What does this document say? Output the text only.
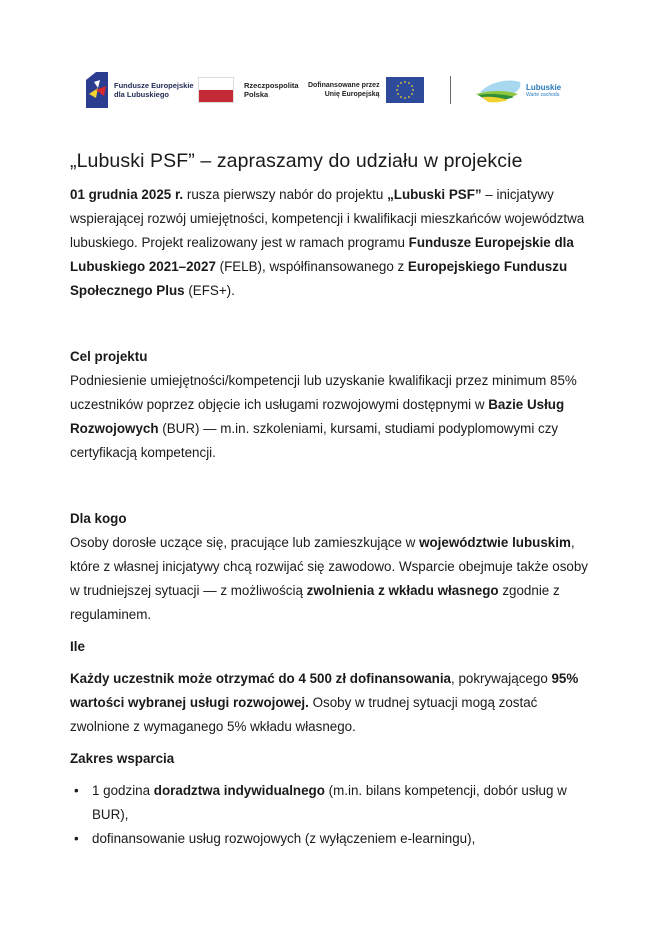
Fundusze Europejskie
dla Lubuskiego
Rzeczpospolita
Polska
Dofinansowane przez
Unię Europejską
Lubuskie
Warte zachodu
„Lubuski PSF” – zapraszamy do udziału w projekcie

01 grudnia 2025 r. rusza pierwszy nabór do projektu „Lubuski PSF” – inicjatywy wspierającej rozwój umiejętności, kompetencji i kwalifikacji mieszkańców województwa lubuskiego. Projekt realizowany jest w ramach programu Fundusze Europejskie dla Lubuskiego 2021–2027 (FELB), współfinansowanego z Europejskiego Funduszu Społecznego Plus (EFS+).

Cel projektu

Podniesienie umiejętności/kompetencji lub uzyskanie kwalifikacji przez minimum 85% uczestników poprzez objęcie ich usługami rozwojowymi dostępnymi w Bazie Usług Rozwojowych (BUR) — m.in. szkoleniami, kursami, studiami podyplomowymi czy certyfikacją kompetencji.

Dla kogo

Osoby dorosłe uczące się, pracujące lub zamieszkujące w województwie lubuskim, które z własnej inicjatywy chcą rozwijać się zawodowo. Wsparcie obejmuje także osoby w trudniejszej sytuacji — z możliwością zwolnienia z wkładu własnego zgodnie z regulaminem.

Ile

Każdy uczestnik może otrzymać do 4 500 zł dofinansowania, pokrywającego 95% wartości wybranej usługi rozwojowej. Osoby w trudnej sytuacji mogą zostać zwolnione z wymaganego 5% wkładu własnego.

Zakres wsparcia
• 1 godzina doradztwa indywidualnego (m.in. bilans kompetencji, dobór usług w BUR),
• dofinansowanie usług rozwojowych (z wyłączeniem e-learningu),
